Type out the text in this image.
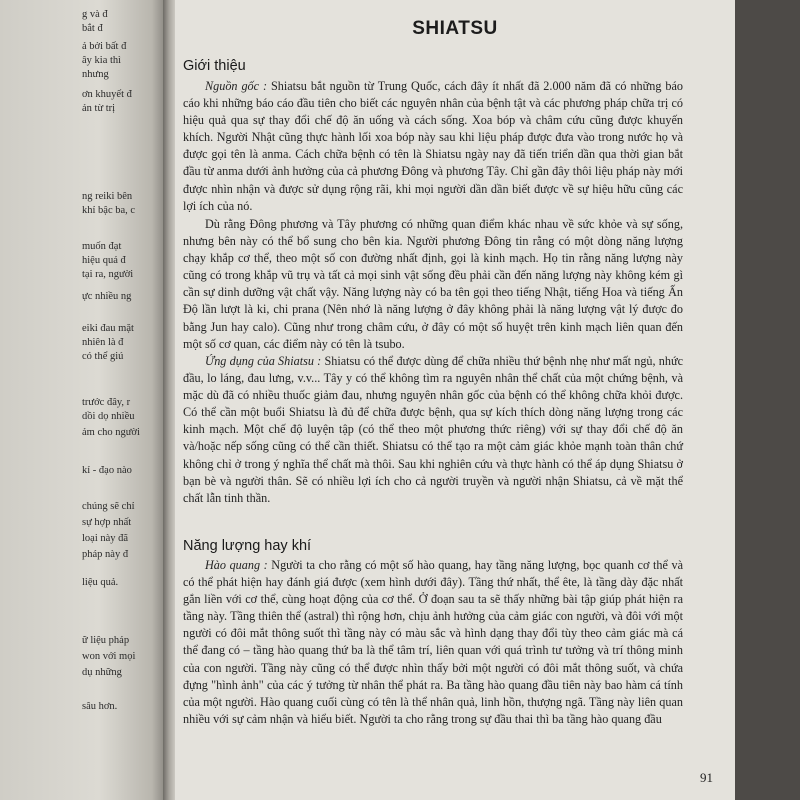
g và đ
bắt đ
ả bởi bất đ
ây kia thì
nhưng
ơn khuyết đ
ản từ trị
ng reiki bên
khỉ bậc ba, c
muốn đạt
hiệu quả đ
tại ra, người
ực nhiều ng
eiki đau mặt
nhiên là đ
có thể giú
trước đây, r
dồi dọ nhiều
ảm cho người
kỉ - đạo nào
chúng sẽ chỉ
sự hợp nhất
loại này đã
pháp này đ
liệu quả.
ữ liệu pháp
won với mọi
dụ những
sâu hơn.
SHIATSU
Giới thiệu

Nguồn gốc : Shiatsu bắt nguồn từ Trung Quốc, cách đây ít nhất đã 2.000 năm đã có những báo cáo khi những báo cáo đầu tiên cho biết các nguyên nhân của bệnh tật và các phương pháp chữa trị có hiệu quả qua sự thay đổi chế độ ăn uống và cách sống. Xoa bóp và châm cứu cũng được khuyến khích. Người Nhật cũng thực hành lối xoa bóp này sau khi liệu pháp được đưa vào trong nước họ và được gọi tên là anma. Cách chữa bệnh có tên là Shiatsu ngày nay đã tiến triển dần qua thời gian bắt đầu từ anma dưới ảnh hưởng của cả phương Đông và phương Tây. Chỉ gần đây thôi liệu pháp này mới được nhìn nhận và được sử dụng rộng rãi, khi mọi người dần dần biết được về sự hiệu hữu cũng các lợi ích của nó.

Dù rằng Đông phương và Tây phương có những quan điểm khác nhau về sức khỏe và sự sống, nhưng bên này có thể bổ sung cho bên kia. Người phương Đông tin rằng có một dòng năng lượng chạy khắp cơ thể, theo một số con đường nhất định, gọi là kinh mạch. Họ tin rằng năng lượng này cũng có trong khắp vũ trụ và tất cả mọi sinh vật sống đều phải cần đến năng lượng này không kém gì cần sự dinh dưỡng vật chất vậy. Năng lượng này có ba tên gọi theo tiếng Nhật, tiếng Hoa và tiếng Ấn Độ lần lượt là ki, chi prana (Nên nhớ là năng lượng ở đây không phải là năng lượng vật lý được đo bằng Jun hay calo). Cũng như trong châm cứu, ở đây có một số huyệt trên kinh mạch liên quan đến một số cơ quan, các điểm này có tên là tsubo.

Ứng dụng của Shiatsu : Shiatsu có thể được dùng để chữa nhiều thứ bệnh nhẹ như mất ngủ, nhức đầu, lo láng, đau lưng, v.v... Tây y có thể không tìm ra nguyên nhân thể chất của một chứng bệnh, và mặc dù đã có nhiều thuốc giảm đau, nhưng nguyên nhân gốc của bệnh có thể không chữa khỏi được. Có thể cần một buổi Shiatsu là đủ để chữa được bệnh, qua sự kích thích dòng năng lượng trong các kinh mạch. Một chế độ luyện tập (có thể theo một phương thức riêng) với sự thay đổi chế độ ăn và/hoặc nếp sống cũng có thể cần thiết. Shiatsu có thể tạo ra một cảm giác khỏe mạnh toàn thân chứ không chỉ ở trong ý nghĩa thể chất mà thôi. Sau khi nghiên cứu và thực hành có thể áp dụng Shiatsu ở bạn bè và người thân. Sẽ có nhiều lợi ích cho cả người truyền và người nhận Shiatsu, cả về mặt thể chất lẫn tinh thần.

Năng lượng hay khí

Hào quang : Người ta cho rằng có một số hào quang, hay tầng năng lượng, bọc quanh cơ thể và có thể phát hiện hay đánh giá được (xem hình dưới đây). Tầng thứ nhất, thể ête, là tầng dày đặc nhất gắn liền với cơ thể, cùng hoạt động của cơ thể. Ở đoạn sau ta sẽ thấy những bài tập giúp phát hiện ra tầng này. Tầng thiên thể (astral) thì rộng hơn, chịu ảnh hưởng của cảm giác con người, và đôi với một người có đôi mắt thông suốt thì tầng này có màu sắc và hình dạng thay đổi tùy theo cảm giác mà cá thể đang có – tầng hào quang thứ ba là thể tâm trí, liên quan với quá trình tư tưởng và trí thông minh của con người. Tầng này cũng có thể được nhìn thấy bởi một người có đôi mắt thông suốt, và chứa đựng "hình ảnh" của các ý tưởng từ nhân thể phát ra. Ba tầng hào quang đầu tiên này bao hàm cá tính của một người. Hào quang cuối cùng có tên là thể nhân quả, linh hồn, thượng ngã. Tầng này liên quan nhiều với sự cảm nhận và hiểu biết. Người ta cho rằng trong sự đầu thai thì ba tầng hào quang đầu

91
